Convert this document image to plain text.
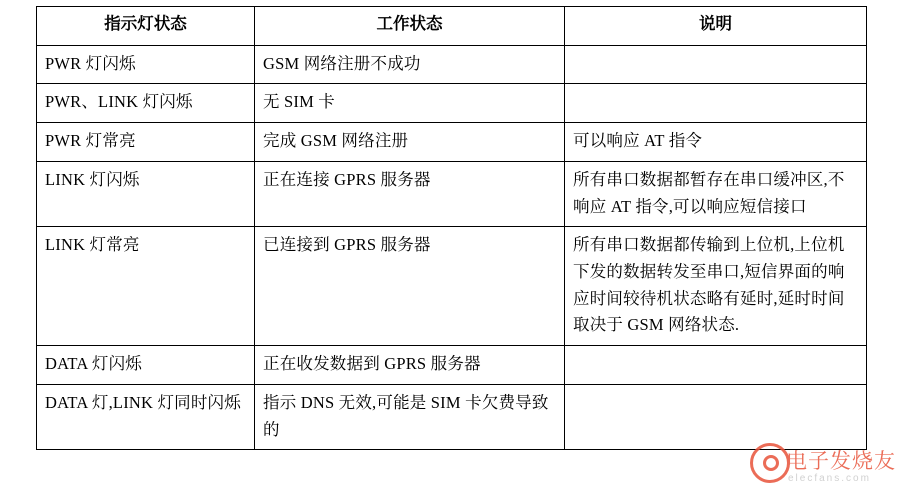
指示灯状态	工作状态	说明
PWR 灯闪烁	GSM 网络注册不成功	
PWR、LINK 灯闪烁	无 SIM 卡	
PWR 灯常亮	完成 GSM 网络注册	可以响应 AT 指令
LINK 灯闪烁	正在连接 GPRS 服务器	所有串口数据都暂存在串口缓冲区,不响应 AT 指令,可以响应短信接口
LINK 灯常亮	已连接到 GPRS 服务器	所有串口数据都传输到上位机,上位机下发的数据转发至串口,短信界面的响应时间较待机状态略有延时,延时时间取决于 GSM 网络状态.
DATA 灯闪烁	正在收发数据到 GPRS 服务器	
DATA 灯,LINK 灯同时闪烁	指示 DNS 无效,可能是 SIM 卡欠费导致的	
电子发烧友
elecfans.com
